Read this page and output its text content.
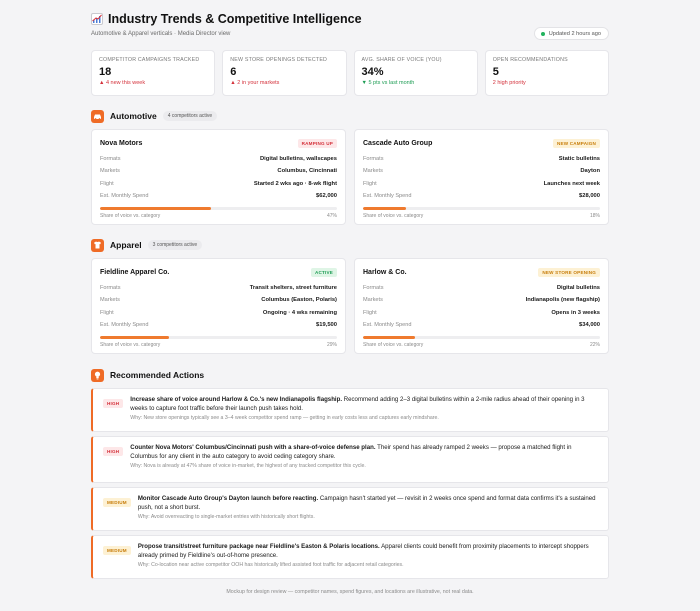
Industry Trends & Competitive Intelligence
Automotive & Apparel verticals · Media Director view	Updated 2 hours ago
COMPETITOR CAMPAIGNS TRACKED
18
▲ 4 new this week
NEW STORE OPENINGS DETECTED
6
▲ 2 in your markets
AVG. SHARE OF VOICE (YOU)
34%
▼ 5 pts vs last month
OPEN RECOMMENDATIONS
5
2 high priority
Automotive	4 competitors active
Nova Motors	RAMPING UP
Formats	Digital bulletins, wallscapes
Markets	Columbus, Cincinnati
Flight	Started 2 wks ago · 8-wk flight
Est. Monthly Spend	$62,000
Share of voice vs. category	47%
Cascade Auto Group	NEW CAMPAIGN
Formats	Static bulletins
Markets	Dayton
Flight	Launches next week
Est. Monthly Spend	$28,000
Share of voice vs. category	18%
Apparel	3 competitors active
Fieldline Apparel Co.	ACTIVE
Formats	Transit shelters, street furniture
Markets	Columbus (Easton, Polaris)
Flight	Ongoing · 4 wks remaining
Est. Monthly Spend	$19,500
Share of voice vs. category	29%
Harlow & Co.	NEW STORE OPENING
Formats	Digital bulletins
Markets	Indianapolis (new flagship)
Flight	Opens in 3 weeks
Est. Monthly Spend	$34,000
Share of voice vs. category	22%
Recommended Actions
HIGH
Increase share of voice around Harlow & Co.'s new Indianapolis flagship. Recommend adding 2–3 digital bulletins within a 2-mile radius ahead of their opening in 3 weeks to capture foot traffic before their launch push takes hold.
Why: New store openings typically see a 3–4 week competitor spend ramp — getting in early costs less and captures early mindshare.
HIGH
Counter Nova Motors' Columbus/Cincinnati push with a share-of-voice defense plan. Their spend has already ramped 2 weeks — propose a matched flight in Columbus for any client in the auto category to avoid ceding category share.
Why: Nova is already at 47% share of voice in-market, the highest of any tracked competitor this cycle.
MEDIUM
Monitor Cascade Auto Group's Dayton launch before reacting. Campaign hasn't started yet — revisit in 2 weeks once spend and format data confirms it's a sustained push, not a short burst.
Why: Avoid overreacting to single-market entries with historically short flights.
MEDIUM
Propose transit/street furniture package near Fieldline's Easton & Polaris locations. Apparel clients could benefit from proximity placements to intercept shoppers already primed by Fieldline's out-of-home presence.
Why: Co-location near active competitor OOH has historically lifted assisted foot traffic for adjacent retail categories.
Mockup for design review — competitor names, spend figures, and locations are illustrative, not real data.
